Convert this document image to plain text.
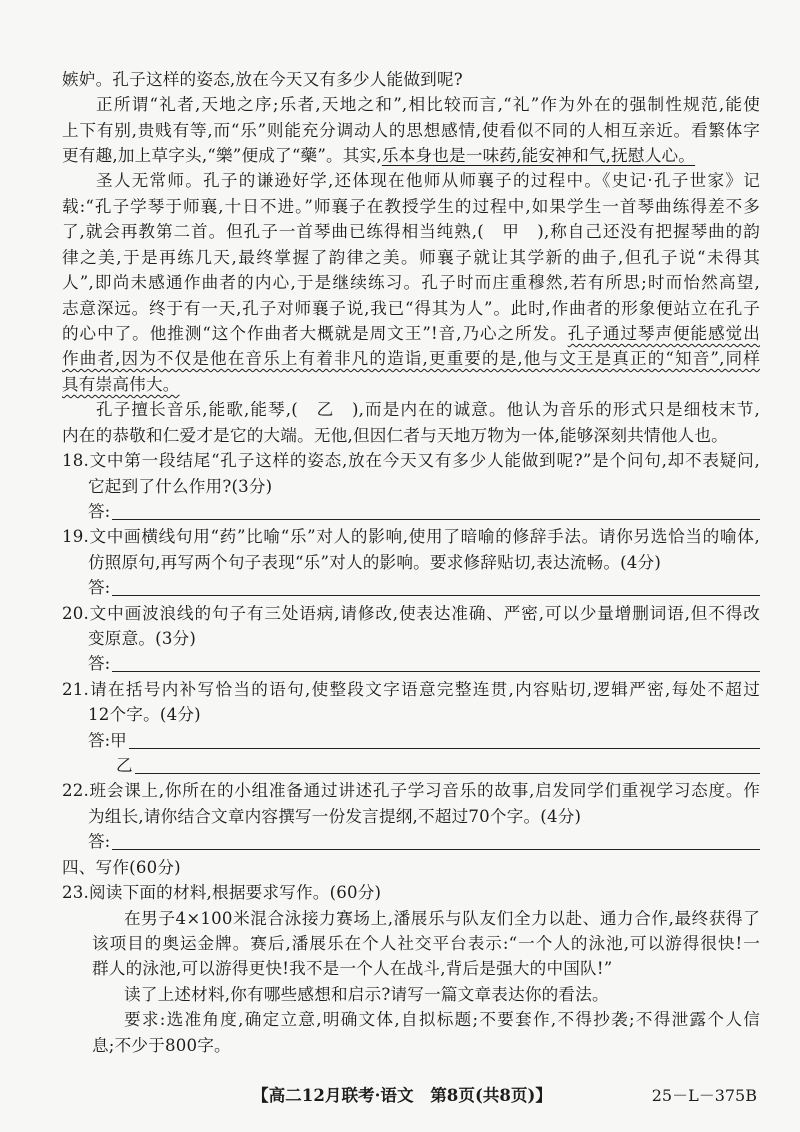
嫉妒。孔子这样的姿态,放在今天又有多少人能做到呢?
正所谓“礼者,天地之序;乐者,天地之和”,相比较而言,“礼”作为外在的强制性规范,能使
上下有别,贵贱有等,而“乐”则能充分调动人的思想感情,使看似不同的人相互亲近。看繁体字
更有趣,加上草字头,“樂”便成了“藥”。其实,乐本身也是一味药,能安神和气,抚慰人心。
圣人无常师。孔子的谦逊好学,还体现在他师从师襄子的过程中。《史记·孔子世家》记
载:“孔子学琴于师襄,十日不进。”师襄子在教授学生的过程中,如果学生一首琴曲练得差不多
了,就会再教第二首。但孔子一首琴曲已练得相当纯熟,(　甲　),称自己还没有把握琴曲的韵
律之美,于是再练几天,最终掌握了韵律之美。师襄子就让其学新的曲子,但孔子说“未得其
人”,即尚未感通作曲者的内心,于是继续练习。孔子时而庄重穆然,若有所思;时而怡然高望,
志意深远。终于有一天,孔子对师襄子说,我已“得其为人”。此时,作曲者的形象便站立在孔子
的心中了。他推测“这个作曲者大概就是周文王”!音,乃心之所发。孔子通过琴声便能感觉出
作曲者,因为不仅是他在音乐上有着非凡的造诣,更重要的是,他与文王是真正的“知音”,同样
具有崇高伟大。
孔子擅长音乐,能歌,能琴,(　乙　),而是内在的诚意。他认为音乐的形式只是细枝末节,
内在的恭敬和仁爱才是它的大端。无他,但因仁者与天地万物为一体,能够深刻共情他人也。
18.文中第一段结尾“孔子这样的姿态,放在今天又有多少人能做到呢?”是个问句,却不表疑问,
它起到了什么作用?(3分)
答:
19.文中画横线句用“药”比喻“乐”对人的影响,使用了暗喻的修辞手法。请你另选恰当的喻体,
仿照原句,再写两个句子表现“乐”对人的影响。要求修辞贴切,表达流畅。(4分)
答:
20.文中画波浪线的句子有三处语病,请修改,使表达准确、严密,可以少量增删词语,但不得改
变原意。(3分)
答:
21.请在括号内补写恰当的语句,使整段文字语意完整连贯,内容贴切,逻辑严密,每处不超过
12个字。(4分)
答:甲
乙
22.班会课上,你所在的小组准备通过讲述孔子学习音乐的故事,启发同学们重视学习态度。作
为组长,请你结合文章内容撰写一份发言提纲,不超过70个字。(4分)
答:
四、写作(60分)
23.阅读下面的材料,根据要求写作。(60分)
在男子4×100米混合泳接力赛场上,潘展乐与队友们全力以赴、通力合作,最终获得了
该项目的奥运金牌。赛后,潘展乐在个人社交平台表示:“一个人的泳池,可以游得很快!一
群人的泳池,可以游得更快!我不是一个人在战斗,背后是强大的中国队!”
读了上述材料,你有哪些感想和启示?请写一篇文章表达你的看法。
要求:选准角度,确定立意,明确文体,自拟标题;不要套作,不得抄袭;不得泄露个人信
息;不少于800字。
【高二12月联考·语文　第8页(共8页)】	25－L－375B
